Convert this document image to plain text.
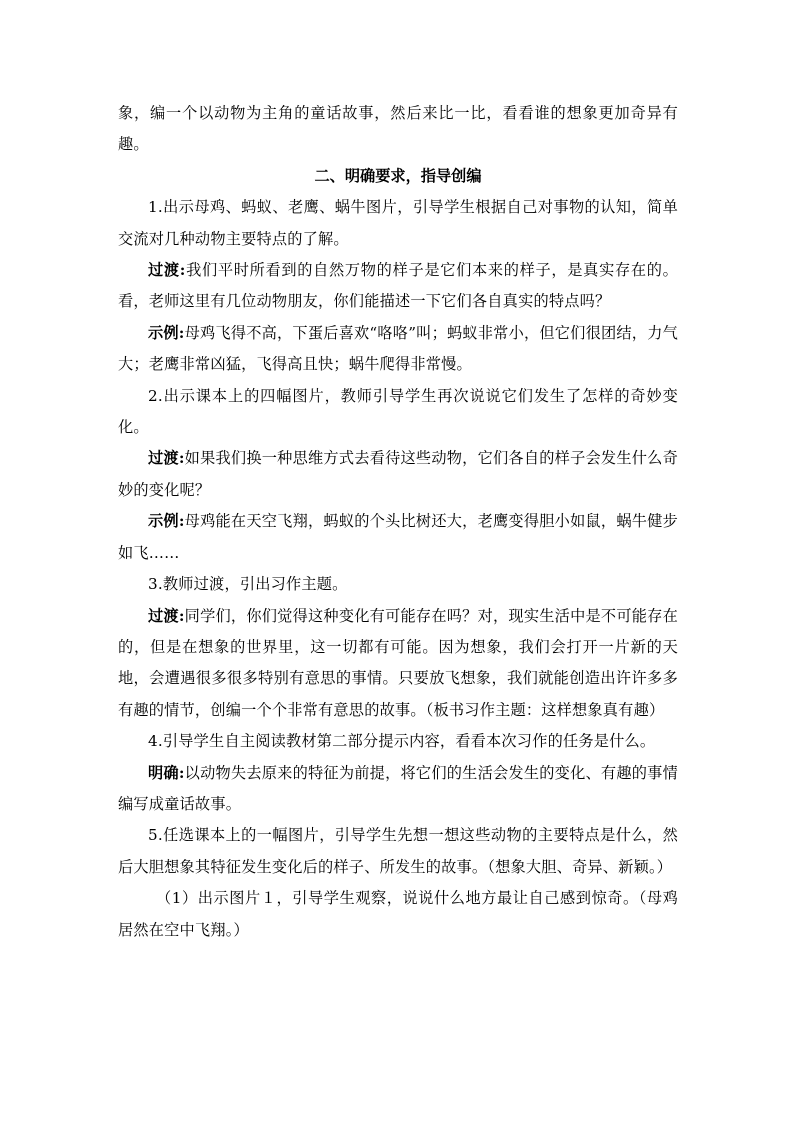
象，编一个以动物为主角的童话故事，然后来比一比，看看谁的想象更加奇异有趣。

二、明确要求，指导创编

1.出示母鸡、蚂蚁、老鹰、蜗牛图片，引导学生根据自己对事物的认知，简单交流对几种动物主要特点的了解。

过渡:我们平时所看到的自然万物的样子是它们本来的样子，是真实存在的。看，老师这里有几位动物朋友，你们能描述一下它们各自真实的特点吗？

示例:母鸡飞得不高，下蛋后喜欢“咯咯”叫；蚂蚁非常小，但它们很团结，力气大；老鹰非常凶猛，飞得高且快；蜗牛爬得非常慢。

2.出示课本上的四幅图片，教师引导学生再次说说它们发生了怎样的奇妙变化。

过渡:如果我们换一种思维方式去看待这些动物，它们各自的样子会发生什么奇妙的变化呢？

示例:母鸡能在天空飞翔，蚂蚁的个头比树还大，老鹰变得胆小如鼠，蜗牛健步如飞……

3.教师过渡，引出习作主题。

过渡:同学们，你们觉得这种变化有可能存在吗？对，现实生活中是不可能存在的，但是在想象的世界里，这一切都有可能。因为想象，我们会打开一片新的天地，会遭遇很多很多特别有意思的事情。只要放飞想象，我们就能创造出许许多多有趣的情节，创编一个个非常有意思的故事。（板书习作主题：这样想象真有趣）

4.引导学生自主阅读教材第二部分提示内容，看看本次习作的任务是什么。

明确:以动物失去原来的特征为前提，将它们的生活会发生的变化、有趣的事情编写成童话故事。

5.任选课本上的一幅图片，引导学生先想一想这些动物的主要特点是什么，然后大胆想象其特征发生变化后的样子、所发生的故事。（想象大胆、奇异、新颖。）

（1）出示图片１，引导学生观察，说说什么地方最让自己感到惊奇。（母鸡居然在空中飞翔。）
